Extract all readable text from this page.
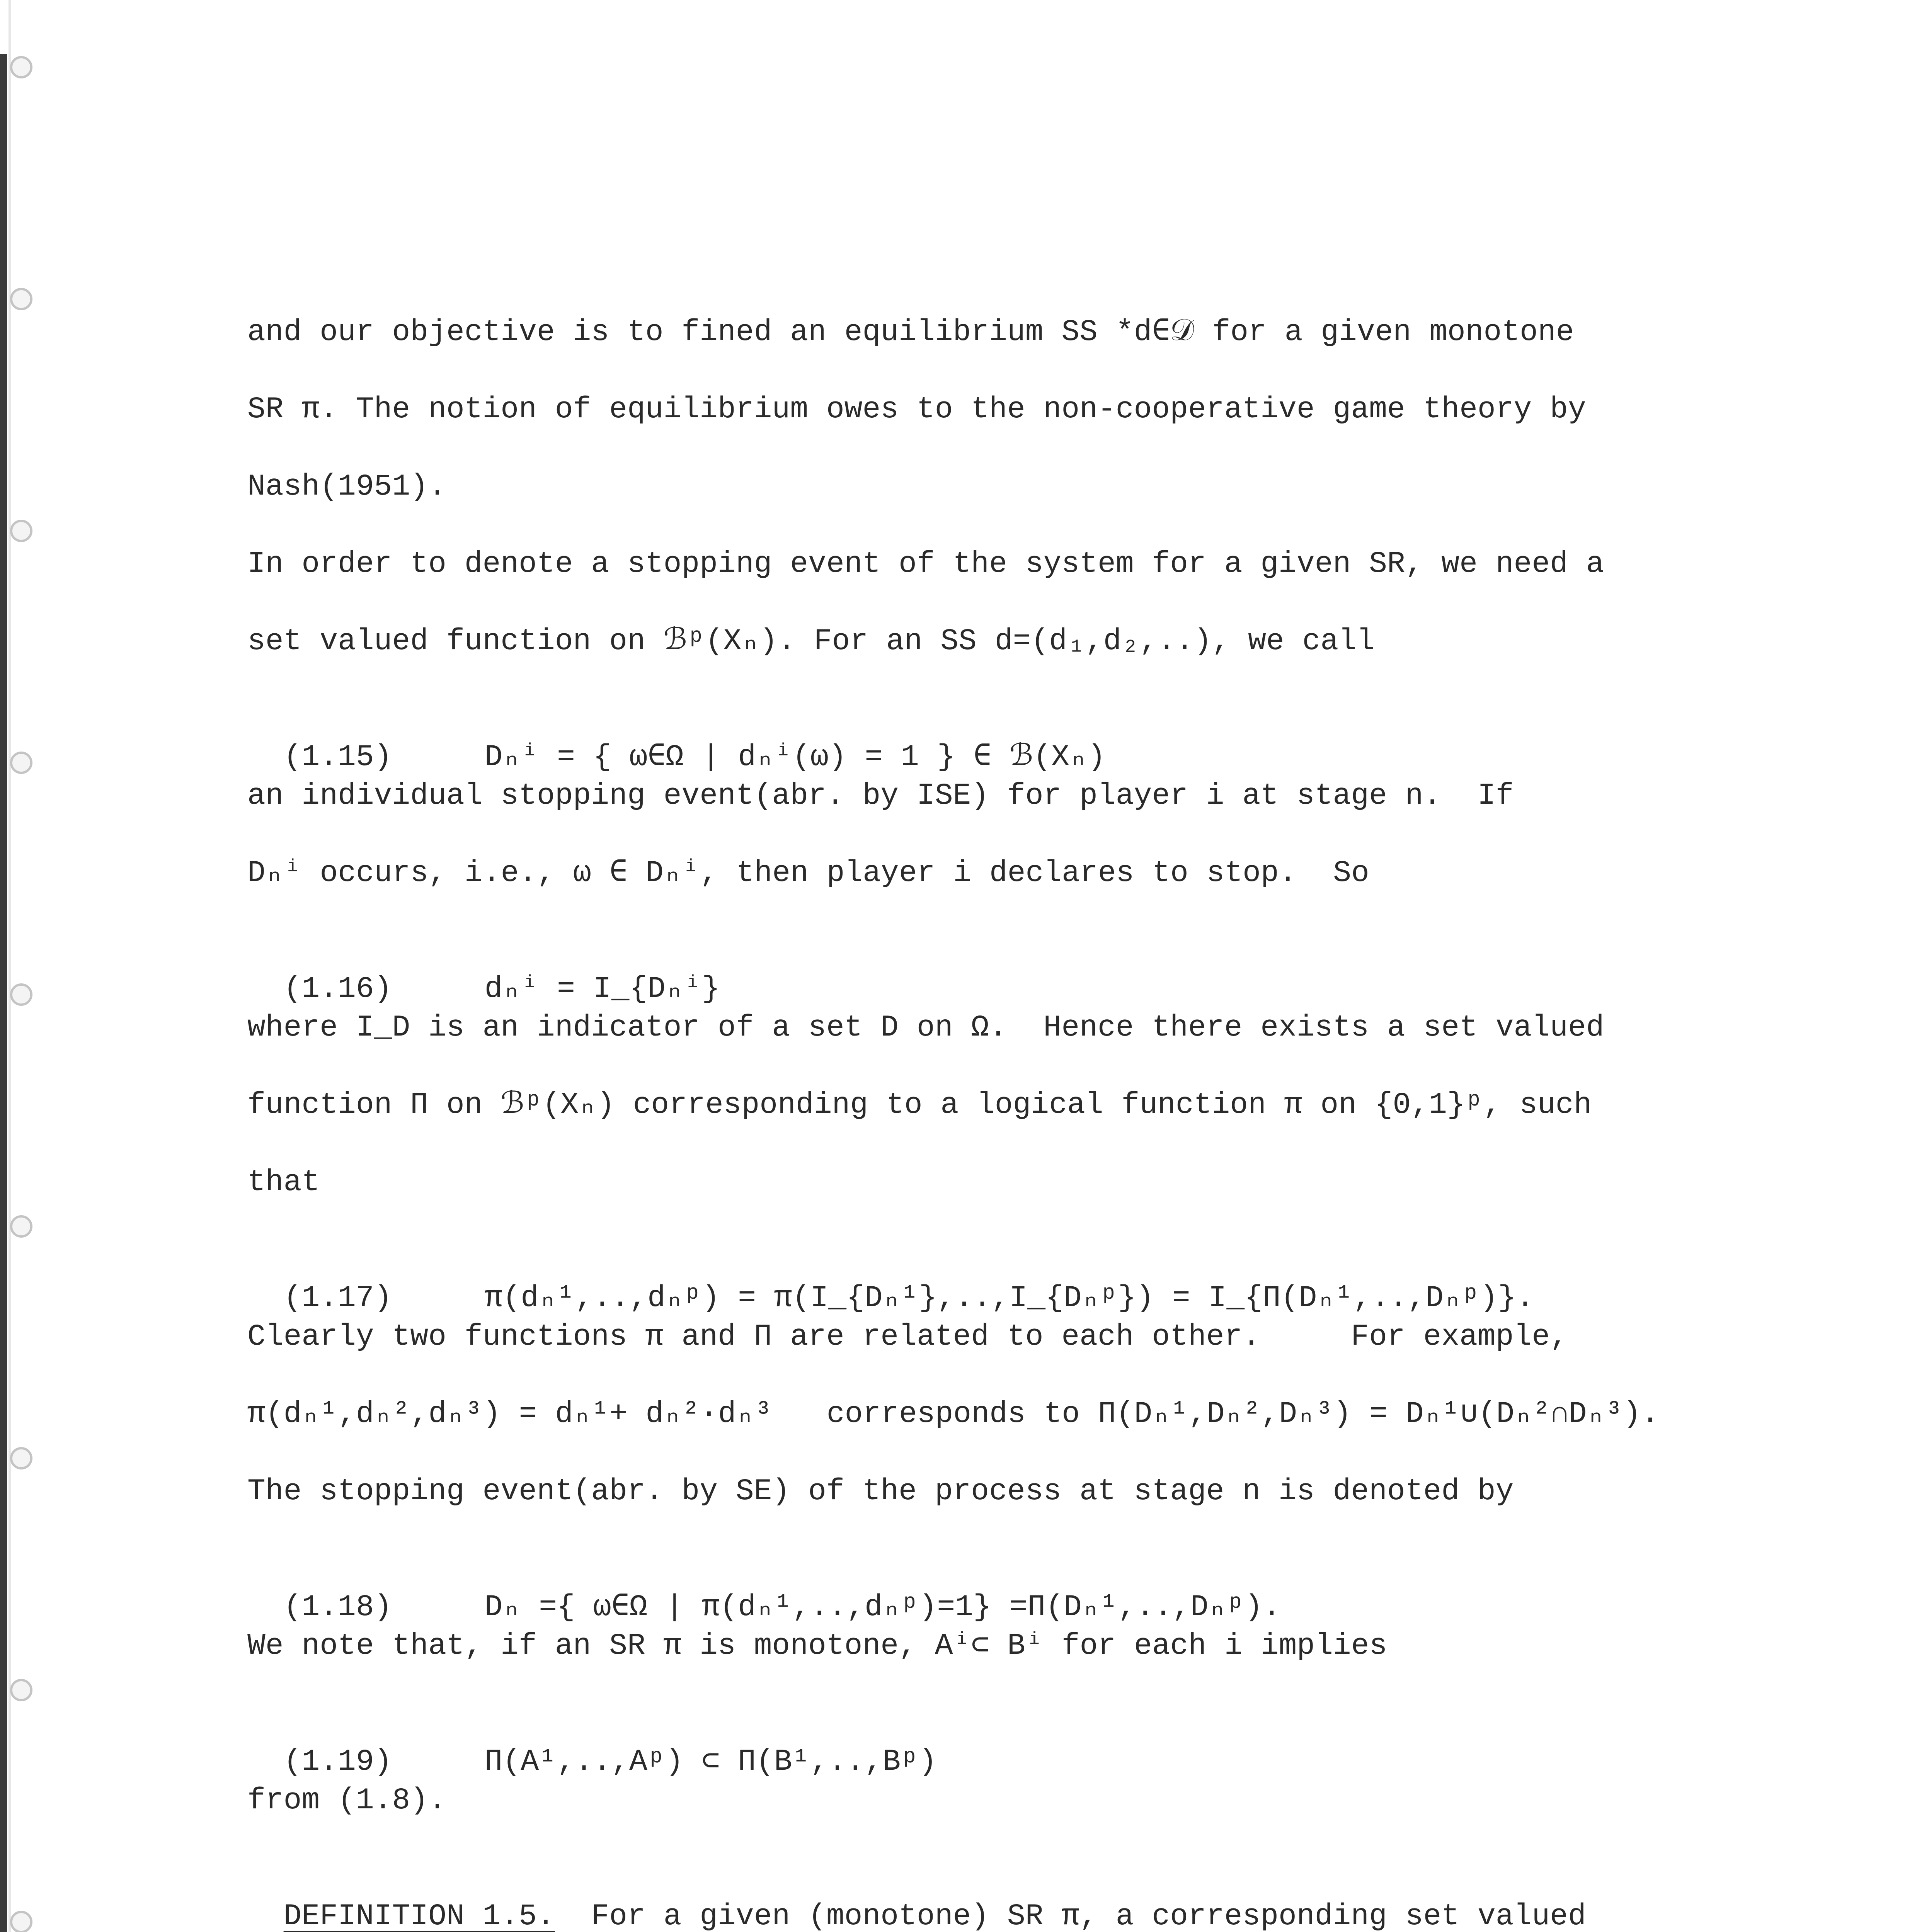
and our objective is to fined an equilibrium SS *d∈𝒟 for a given monotone
SR π. The notion of equilibrium owes to the non-cooperative game theory by
Nash(1951).
In order to denote a stopping event of the system for a given SR, we need a
set valued function on ℬᵖ(Xₙ). For an SS d=(d₁,d₂,..), we call

(1.15)	Dₙⁱ = { ω∈Ω | dₙⁱ(ω) = 1 } ∈ ℬ(Xₙ)

an individual stopping event(abr. by ISE) for player i at stage n.  If
Dₙⁱ occurs, i.e., ω ∈ Dₙⁱ, then player i declares to stop.  So

(1.16)	dₙⁱ = I_{Dₙⁱ}

where I_D is an indicator of a set D on Ω.  Hence there exists a set valued
function Π on ℬᵖ(Xₙ) corresponding to a logical function π on {0,1}ᵖ, such
that

(1.17)	π(dₙ¹,..,dₙᵖ) = π(I_{Dₙ¹},..,I_{Dₙᵖ}) = I_{Π(Dₙ¹,..,Dₙᵖ)}.

Clearly two functions π and Π are related to each other.     For example,
π(dₙ¹,dₙ²,dₙ³) = dₙ¹+ dₙ²·dₙ³   corresponds to Π(Dₙ¹,Dₙ²,Dₙ³) = Dₙ¹∪(Dₙ²∩Dₙ³).
The stopping event(abr. by SE) of the process at stage n is denoted by

(1.18)	Dₙ ={ ω∈Ω | π(dₙ¹,..,dₙᵖ)=1} =Π(Dₙ¹,..,Dₙᵖ).

We note that, if an SR π is monotone, Aⁱ⊂ Bⁱ for each i implies

(1.19)	Π(A¹,..,Aᵖ) ⊂ Π(B¹,..,Bᵖ)

from (1.8).

DEFINITION 1.5.  For a given (monotone) SR π, a corresponding set valued
